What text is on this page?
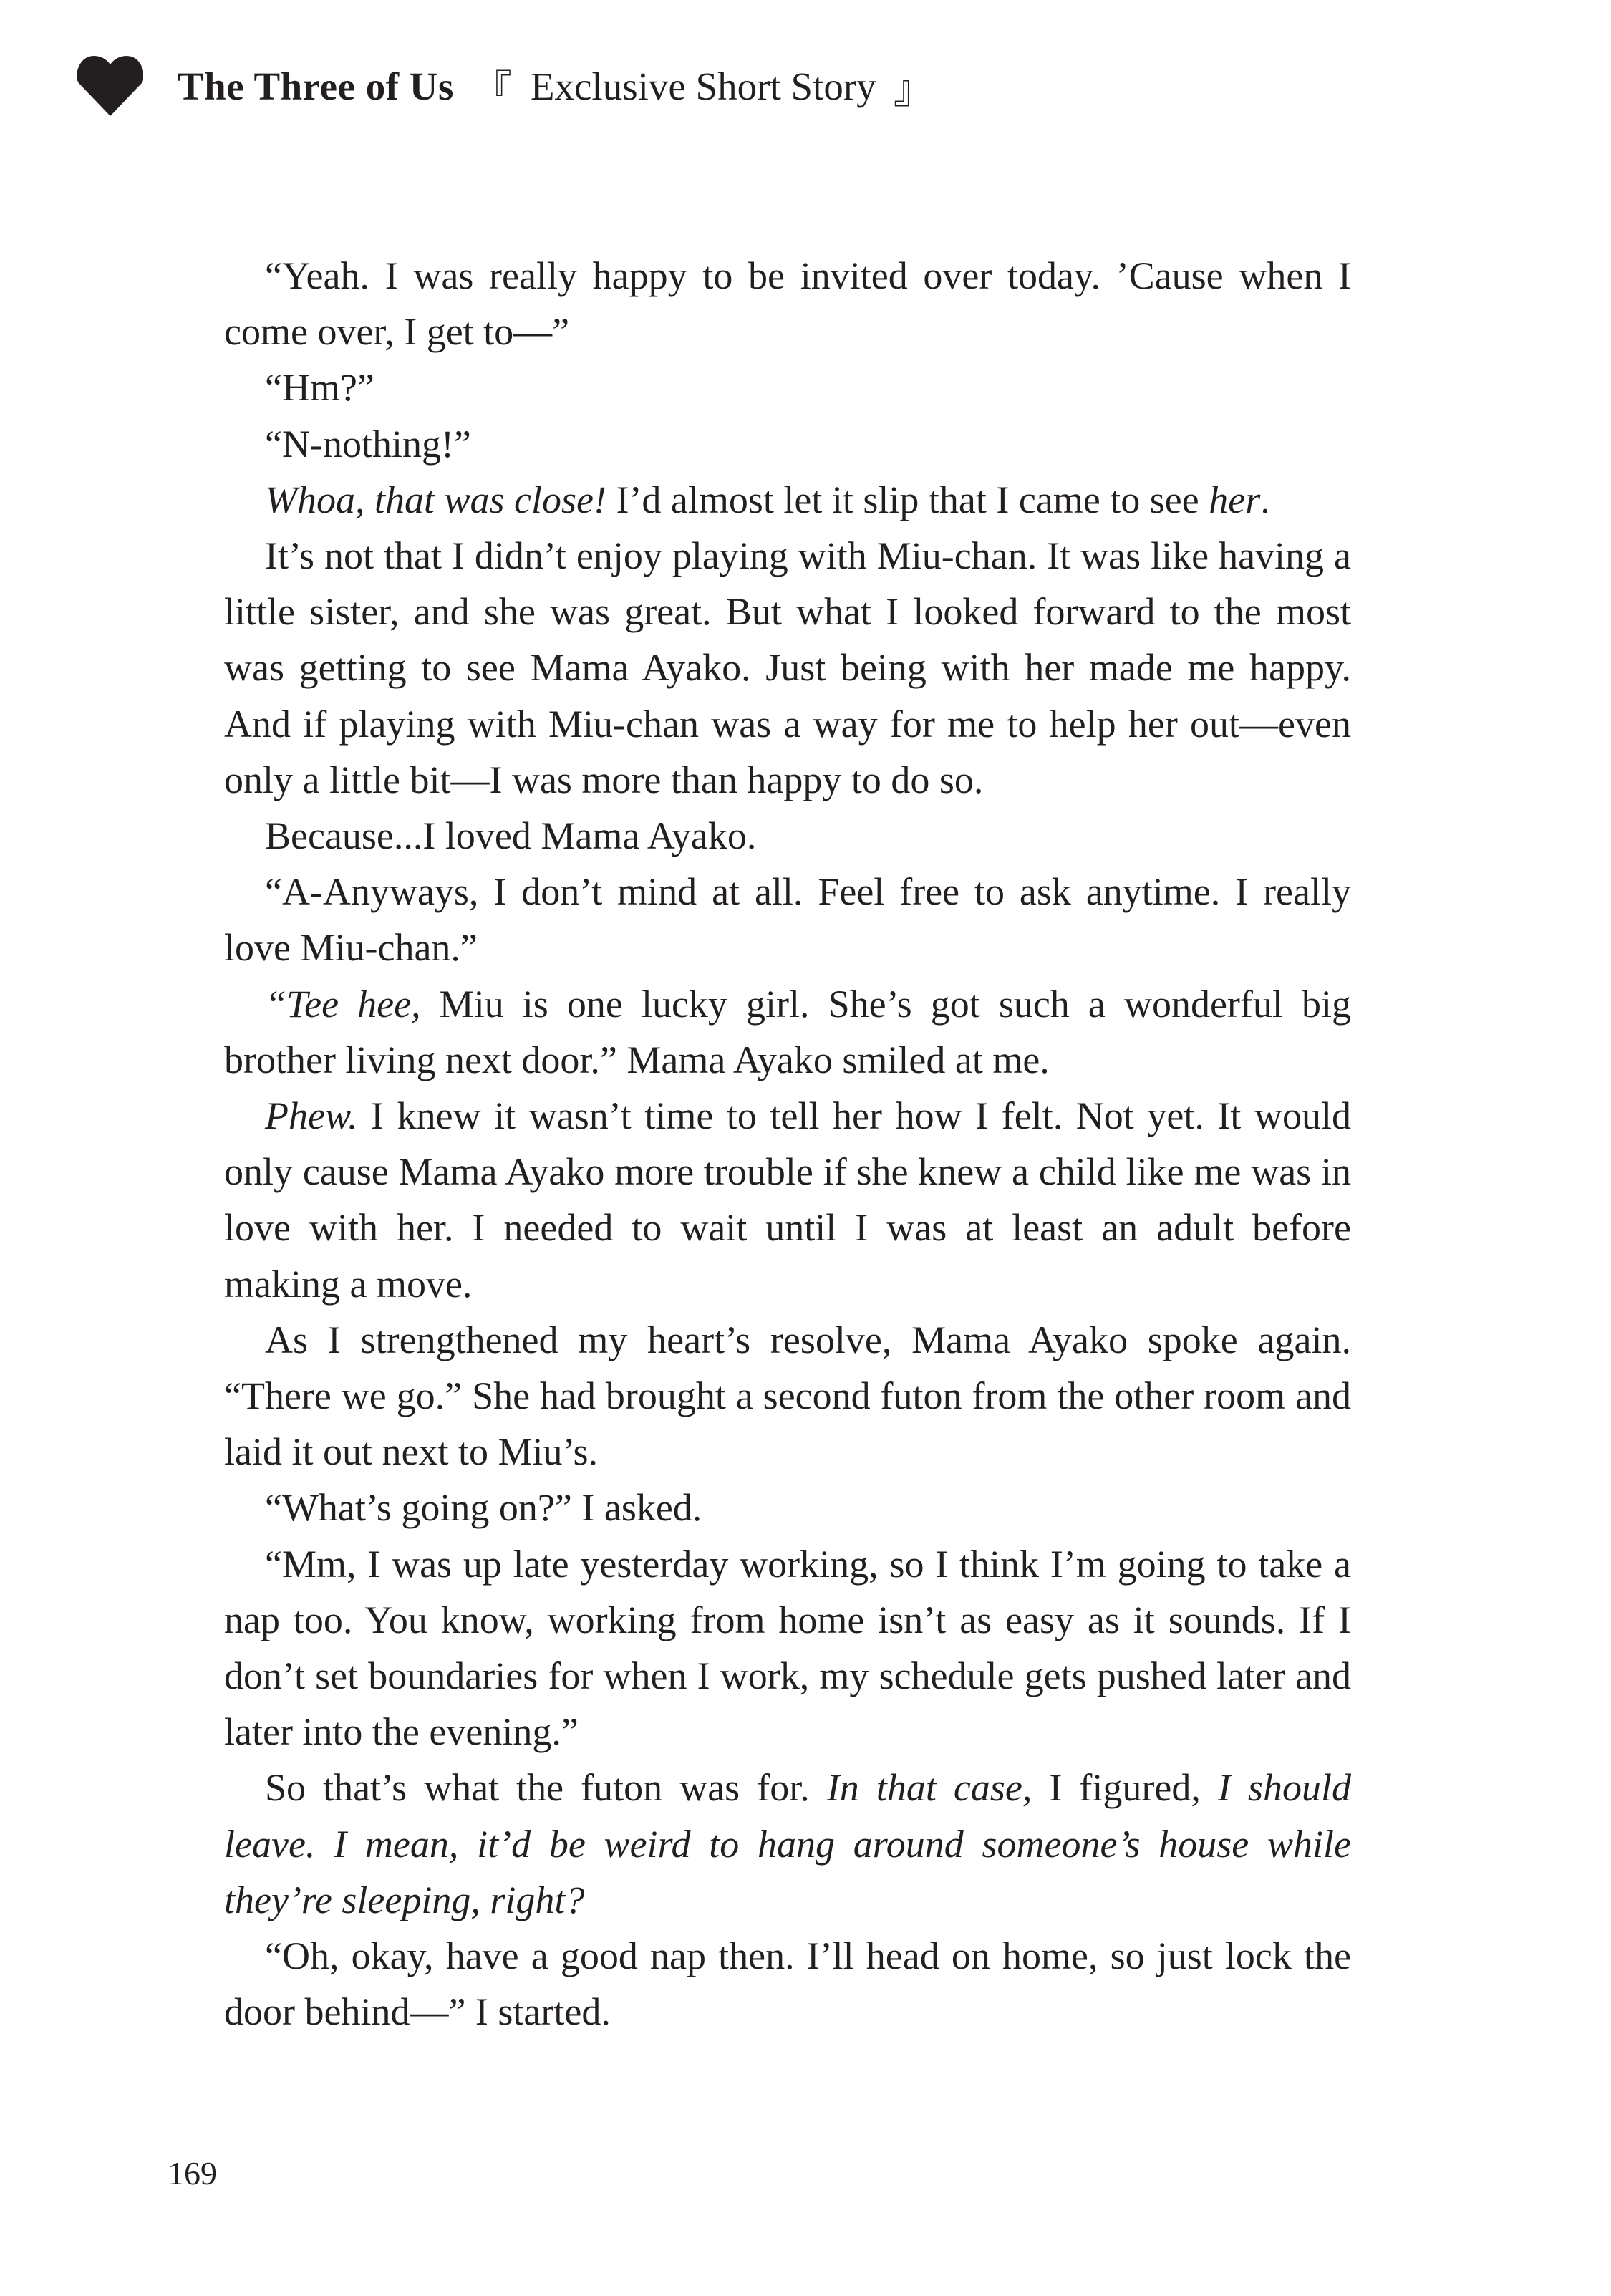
The Three of Us 『 Exclusive Short Story 』

“Yeah. I was really happy to be invited over today. ’Cause when I come over, I get to—”

“Hm?”

“N-nothing!”

Whoa, that was close! I’d almost let it slip that I came to see her.

It’s not that I didn’t enjoy playing with Miu-chan. It was like having a little sister, and she was great. But what I looked forward to the most was getting to see Mama Ayako. Just being with her made me happy. And if playing with Miu-chan was a way for me to help her out—even only a little bit—I was more than happy to do so.

Because...I loved Mama Ayako.

“A-Anyways, I don’t mind at all. Feel free to ask anytime. I really love Miu-chan.”

“Tee hee, Miu is one lucky girl. She’s got such a wonderful big brother living next door.” Mama Ayako smiled at me.

Phew. I knew it wasn’t time to tell her how I felt. Not yet. It would only cause Mama Ayako more trouble if she knew a child like me was in love with her. I needed to wait until I was at least an adult before making a move.

As I strengthened my heart’s resolve, Mama Ayako spoke again. “There we go.” She had brought a second futon from the other room and laid it out next to Miu’s.

“What’s going on?” I asked.

“Mm, I was up late yesterday working, so I think I’m going to take a nap too. You know, working from home isn’t as easy as it sounds. If I don’t set boundaries for when I work, my schedule gets pushed later and later into the evening.”

So that’s what the futon was for. In that case, I figured, I should leave. I mean, it’d be weird to hang around someone’s house while they’re sleeping, right?

“Oh, okay, have a good nap then. I’ll head on home, so just lock the door behind—” I started.

169
